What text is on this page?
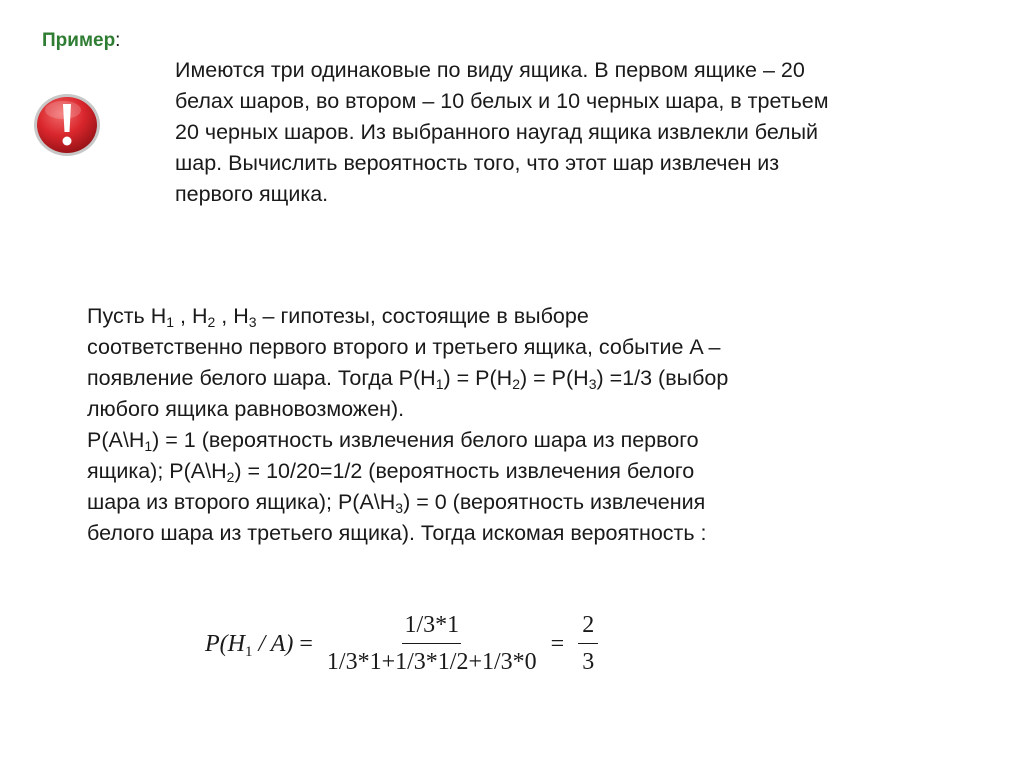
Пример:
Имеются три одинаковые по виду ящика. В первом ящике – 20
белах шаров, во втором – 10 белых и 10 черных шара, в третьем
20 черных шаров. Из выбранного наугад ящика извлекли белый
шар. Вычислить вероятность того, что этот шар извлечен из
первого ящика.
Пусть $H_1$ , $H_2$ , $H_3$ – гипотезы, состоящие в выборе
соответственно первого второго и третьего ящика, событие A –
появление белого шара. Тогда $P(H_1) = P(H_2) = P(H_3) =1/3$ (выбор
любого ящика равновозможен).
$P(A\backslash H_1) = 1$ (вероятность извлечения белого шара из первого
ящика); $P(A\backslash H_2) = 10/20=1/2$ (вероятность извлечения белого
шара из второго ящика); $P(A\backslash H_3) = 0$ (вероятность извлечения
белого шара из третьего ящика). Тогда искомая вероятность :
$P(H_1 / A) = \frac{1/3*1}{1/3*1+1/3*1/2+1/3*0} = \frac{2}{3}$
